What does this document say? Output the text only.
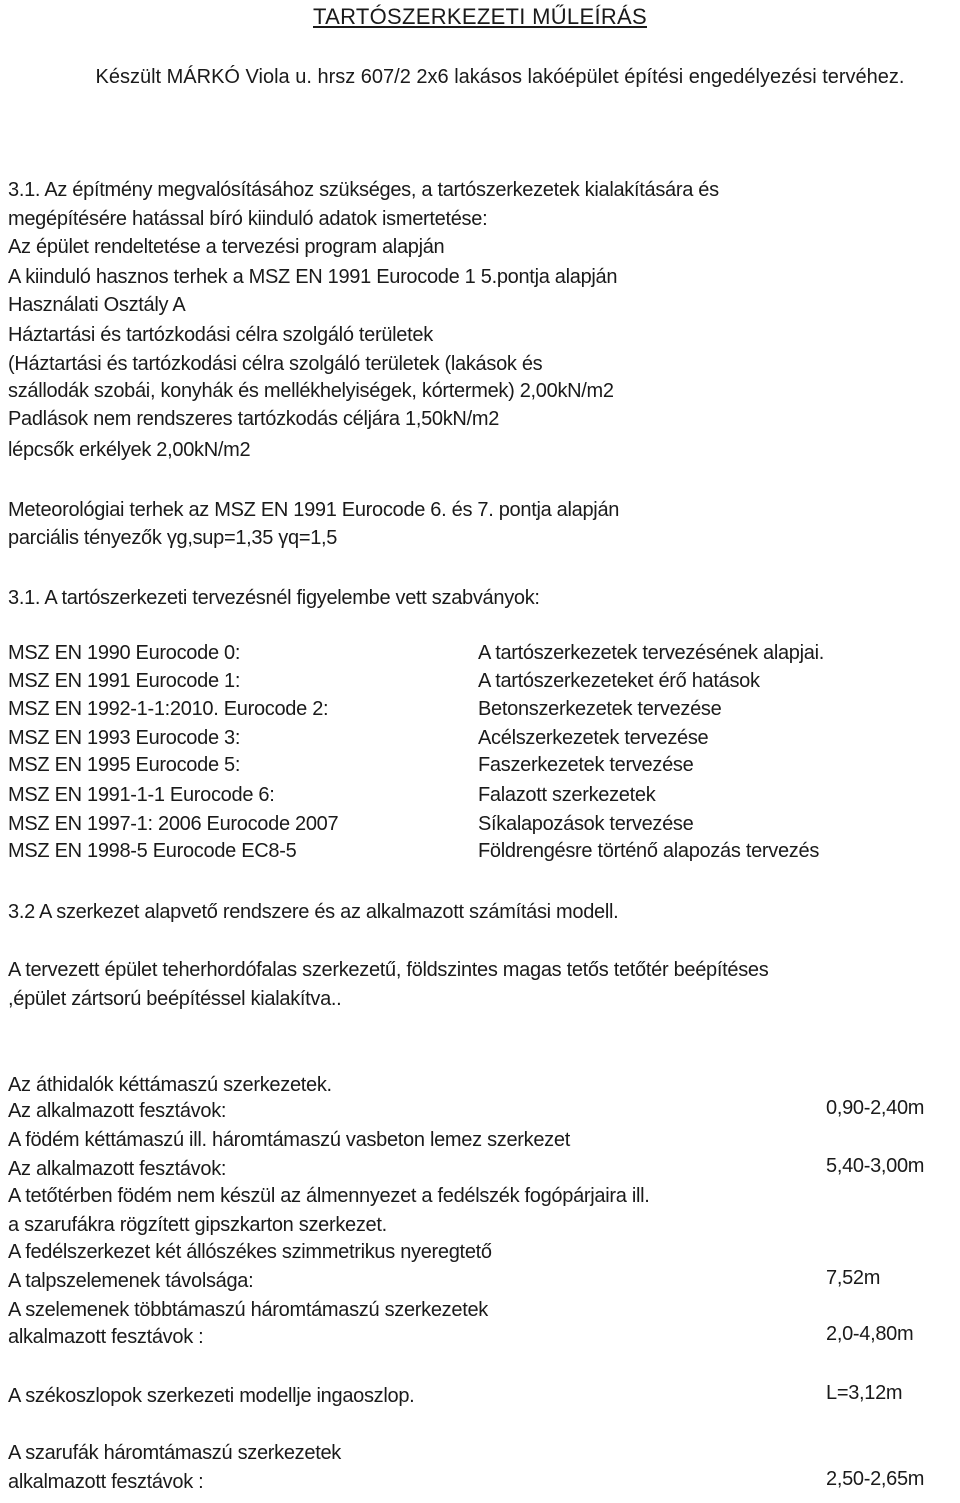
TARTÓSZERKEZETI MŰLEÍRÁS
Készült MÁRKÓ Viola u. hrsz 607/2 2x6 lakásos lakóépület építési engedélyezési tervéhez.
3.1. Az építmény megvalósításához szükséges, a tartószerkezetek kialakítására és
megépítésére hatással bíró kiinduló adatok ismertetése:
Az épület rendeltetése a tervezési program alapján
A kiinduló hasznos terhek a MSZ EN 1991 Eurocode 1 5.pontja alapján
Használati Osztály A
Háztartási és tartózkodási célra szolgáló területek
(Háztartási és tartózkodási célra szolgáló területek (lakások és
szállodák szobái, konyhák és mellékhelyiségek, kórtermek) 2,00kN/m2
Padlások nem rendszeres tartózkodás céljára 1,50kN/m2
lépcsők erkélyek 2,00kN/m2
Meteorológiai terhek az MSZ EN 1991 Eurocode 6. és 7. pontja alapján
parciális tényezők γg,sup=1,35 γq=1,5
3.1. A tartószerkezeti tervezésnél figyelembe vett szabványok:
MSZ EN 1990 Eurocode 0:	A tartószerkezetek tervezésének alapjai.
MSZ EN 1991 Eurocode 1:	A tartószerkezeteket érő hatások
MSZ EN 1992-1-1:2010. Eurocode 2:	Betonszerkezetek tervezése
MSZ EN 1993 Eurocode 3:	Acélszerkezetek tervezése
MSZ EN 1995 Eurocode 5:	Faszerkezetek tervezése
MSZ EN 1991-1-1 Eurocode 6:	Falazott szerkezetek
MSZ EN 1997-1: 2006 Eurocode 2007	Síkalapozások tervezése
MSZ EN 1998-5 Eurocode EC8-5	Földrengésre történő alapozás tervezés
3.2 A szerkezet alapvető rendszere és az alkalmazott számítási modell.
A tervezett épület teherhordófalas szerkezetű, földszintes magas tetős tetőtér beépítéses
,épület zártsorú beépítéssel kialakítva..
Az áthidalók kéttámaszú szerkezetek.
Az alkalmazott fesztávok:	0,90-2,40m
A födém kéttámaszú ill. háromtámaszú vasbeton lemez szerkezet
Az alkalmazott fesztávok:	5,40-3,00m
A tetőtérben födém nem készül az álmennyezet a fedélszék fogópárjaira ill.
a szarufákra rögzített gipszkarton szerkezet.
A fedélszerkezet két állószékes szimmetrikus nyeregtető
A talpszelemenek távolsága:	7,52m
A szelemenek többtámaszú háromtámaszú szerkezetek
alkalmazott fesztávok :	2,0-4,80m
A székoszlopok szerkezeti modellje ingaoszlop.	L=3,12m
A szarufák háromtámaszú szerkezetek
alkalmazott fesztávok :	2,50-2,65m
